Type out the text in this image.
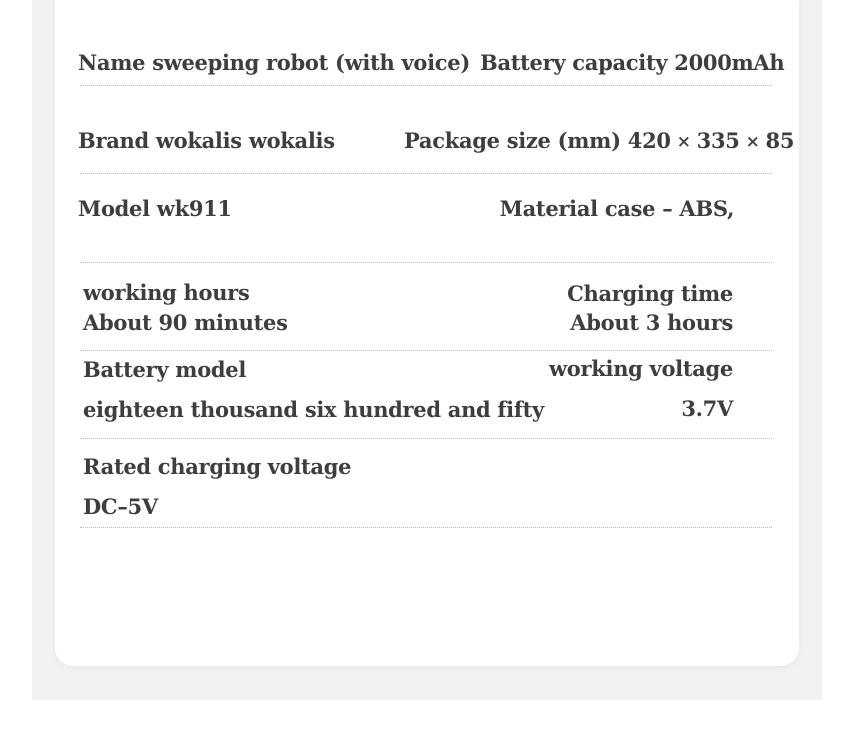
Name sweeping robot (with voice) Battery capacity 2000mAh
Brand wokalis wokalis	Package size (mm) 420 × 335 × 85
Model wk911	Material case – ABS,
working hours
About 90 minutes
Charging time
About 3 hours
Battery model
eighteen thousand six hundred and fifty
working voltage
3.7V
Rated charging voltage
DC–5V
